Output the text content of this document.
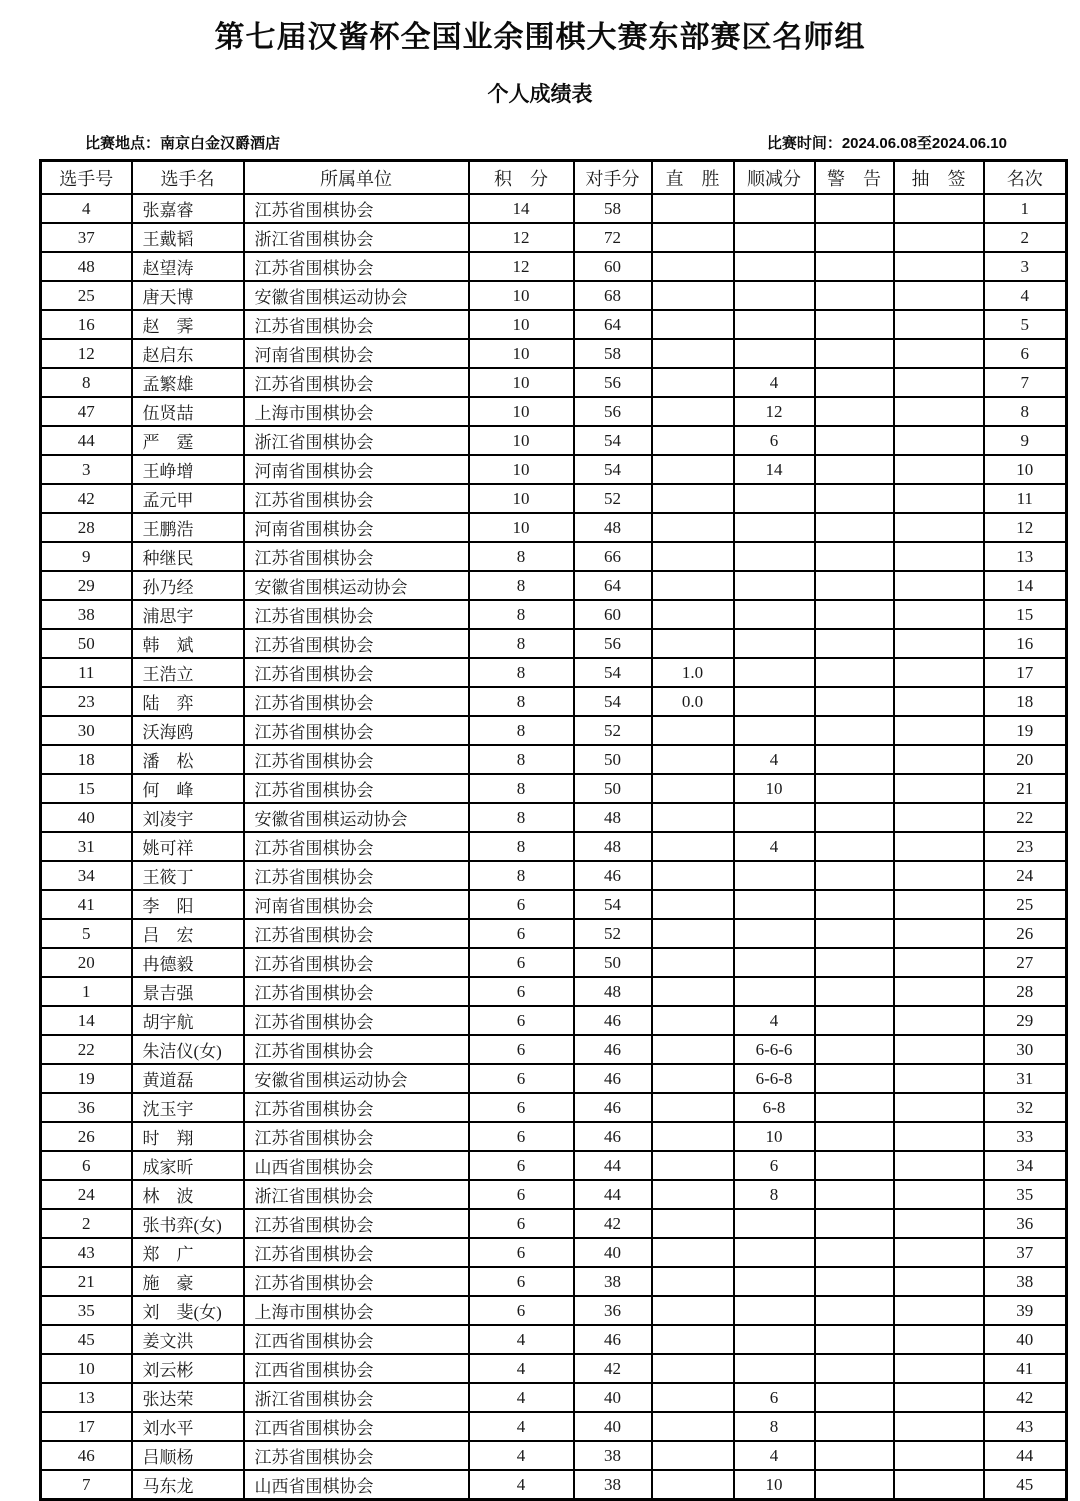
第七届汉酱杯全国业余围棋大赛东部赛区名师组
个人成绩表
比赛地点：南京白金汉爵酒店	比赛时间：2024.06.08至2024.06.10
选手号	选手名	所属单位	积　分	对手分	直　胜	顺减分	警　告	抽　签	名次
4	张嘉睿	江苏省围棋协会	14	58					1
37	王戴韬	浙江省围棋协会	12	72					2
48	赵望涛	江苏省围棋协会	12	60					3
25	唐天博	安徽省围棋运动协会	10	68					4
16	赵　霁	江苏省围棋协会	10	64					5
12	赵启东	河南省围棋协会	10	58					6
8	孟繁雄	江苏省围棋协会	10	56		4			7
47	伍贤喆	上海市围棋协会	10	56		12			8
44	严　霆	浙江省围棋协会	10	54		6			9
3	王峥增	河南省围棋协会	10	54		14			10
42	孟元甲	江苏省围棋协会	10	52					11
28	王鹏浩	河南省围棋协会	10	48					12
9	种继民	江苏省围棋协会	8	66					13
29	孙乃经	安徽省围棋运动协会	8	64					14
38	浦思宇	江苏省围棋协会	8	60					15
50	韩　斌	江苏省围棋协会	8	56					16
11	王浩立	江苏省围棋协会	8	54	1.0				17
23	陆　弈	江苏省围棋协会	8	54	0.0				18
30	沃海鸥	江苏省围棋协会	8	52					19
18	潘　松	江苏省围棋协会	8	50		4			20
15	何　峰	江苏省围棋协会	8	50		10			21
40	刘凌宇	安徽省围棋运动协会	8	48					22
31	姚可祥	江苏省围棋协会	8	48		4			23
34	王筱丁	江苏省围棋协会	8	46					24
41	李　阳	河南省围棋协会	6	54					25
5	吕　宏	江苏省围棋协会	6	52					26
20	冉德毅	江苏省围棋协会	6	50					27
1	景吉强	江苏省围棋协会	6	48					28
14	胡宇航	江苏省围棋协会	6	46		4			29
22	朱洁仪(女)	江苏省围棋协会	6	46		6-6-6			30
19	黄道磊	安徽省围棋运动协会	6	46		6-6-8			31
36	沈玉宇	江苏省围棋协会	6	46		6-8			32
26	时　翔	江苏省围棋协会	6	46		10			33
6	成家昕	山西省围棋协会	6	44		6			34
24	林　波	浙江省围棋协会	6	44		8			35
2	张书弈(女)	江苏省围棋协会	6	42					36
43	郑　广	江苏省围棋协会	6	40					37
21	施　豪	江苏省围棋协会	6	38					38
35	刘　斐(女)	上海市围棋协会	6	36					39
45	姜文洪	江西省围棋协会	4	46					40
10	刘云彬	江西省围棋协会	4	42					41
13	张达荣	浙江省围棋协会	4	40		6			42
17	刘水平	江西省围棋协会	4	40		8			43
46	吕顺杨	江苏省围棋协会	4	38		4			44
7	马东龙	山西省围棋协会	4	38		10			45
